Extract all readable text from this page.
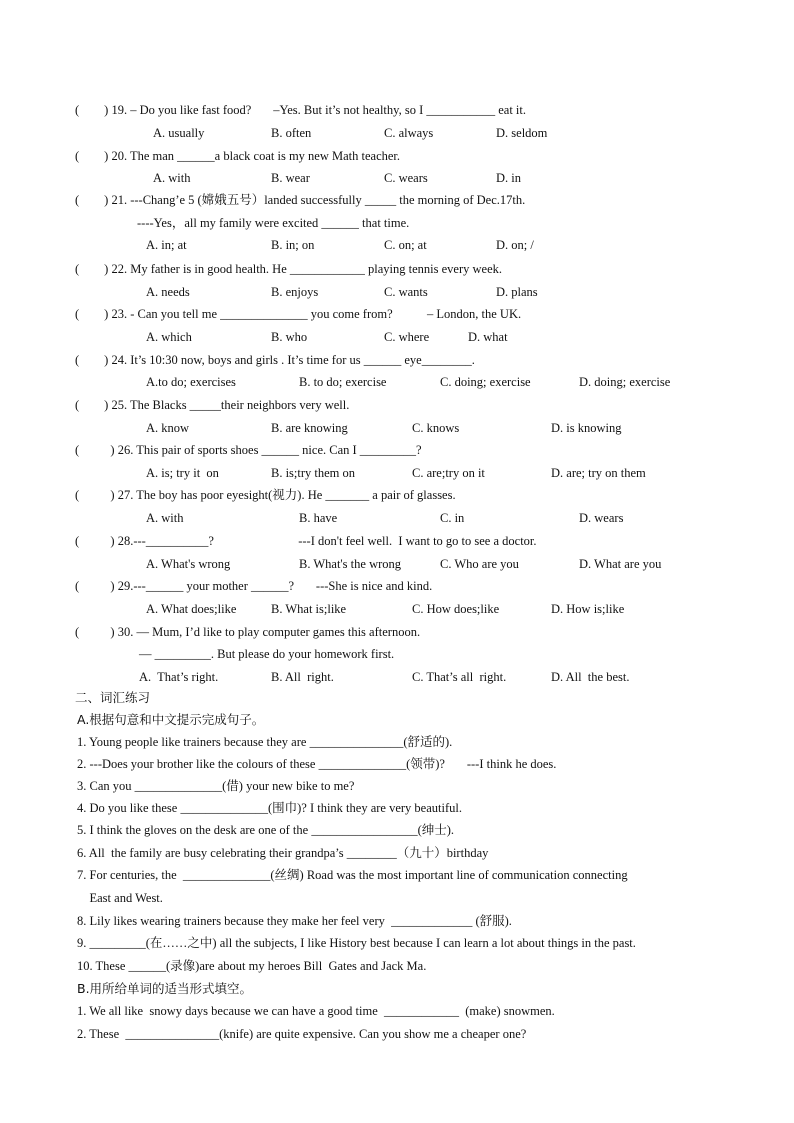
(        ) 19. – Do you like fast food?       –Yes. But it’s not healthy, so I ___________ eat it.
A. usually	B. often	C. always	D. seldom
(        ) 20. The man ______a black coat is my new Math teacher.
A. with	B. wear	C. wears	D. in
(        ) 21. ---Chang’e 5 (嫦娥五号）landed successfully _____ the morning of Dec.17th.
----Yes，all my family were excited ______ that time.
A. in; at	B. in; on	C. on; at	D. on; /
(        ) 22. My father is in good health. He ____________ playing tennis every week.
A. needs	B. enjoys	C. wants	D. plans
(        ) 23. - Can you tell me ______________ you come from?           – London, the UK.
A. which	B. who	C. where	D. what
(        ) 24. It’s 10:30 now, boys and girls . It’s time for us ______ eye________.
A.to do; exercises	B. to do; exercise	C. doing; exercise	D. doing; exercise
(        ) 25. The Blacks _____their neighbors very well.
A. know	B. are knowing	C. knows	D. is knowing
(          ) 26. This pair of sports shoes ______ nice. Can I _________?
A. is; try it  on	B. is;try them on	C. are;try on it	D. are; try on them
(          ) 27. The boy has poor eyesight(视力). He _______ a pair of glasses.
A. with	B. have	C. in	D. wears
(          ) 28.---__________?                           ---I don't feel well.  I want to go to see a doctor.
A. What's wrong	B. What's the wrong	C. Who are you	D. What are you
(          ) 29.---______ your mother ______?       ---She is nice and kind.
A. What does;like	B. What is;like	C. How does;like	D. How is;like
(          ) 30. — Mum, I’d like to play computer games this afternoon.
— _________. But please do your homework first.
A.  That’s right.	B. All  right.	C. That’s all  right.	D. All  the best.
二、词汇练习
A.根据句意和中文提示完成句子。
1. Young people like trainers because they are _______________(舒适的).
2. ---Does your brother like the colours of these ______________(领带)?       ---I think he does.
3. Can you ______________(借) your new bike to me?
4. Do you like these ______________(围巾)? I think they are very beautiful.
5. I think the gloves on the desk are one of the _________________(绅士).
6. All  the family are busy celebrating their grandpa’s ________（九十）birthday
7. For centuries, the  ______________(丝绸) Road was the most important line of communication connecting
East and West.
8. Lily likes wearing trainers because they make her feel very  _____________ (舒服).
9. _________(在……之中) all the subjects, I like History best because I can learn a lot about things in the past.
10. These ______(录像)are about my heroes Bill  Gates and Jack Ma.
B.用所给单词的适当形式填空。
1. We all like  snowy days because we can have a good time  ____________  (make) snowmen.
2. These  _______________(knife) are quite expensive. Can you show me a cheaper one?
